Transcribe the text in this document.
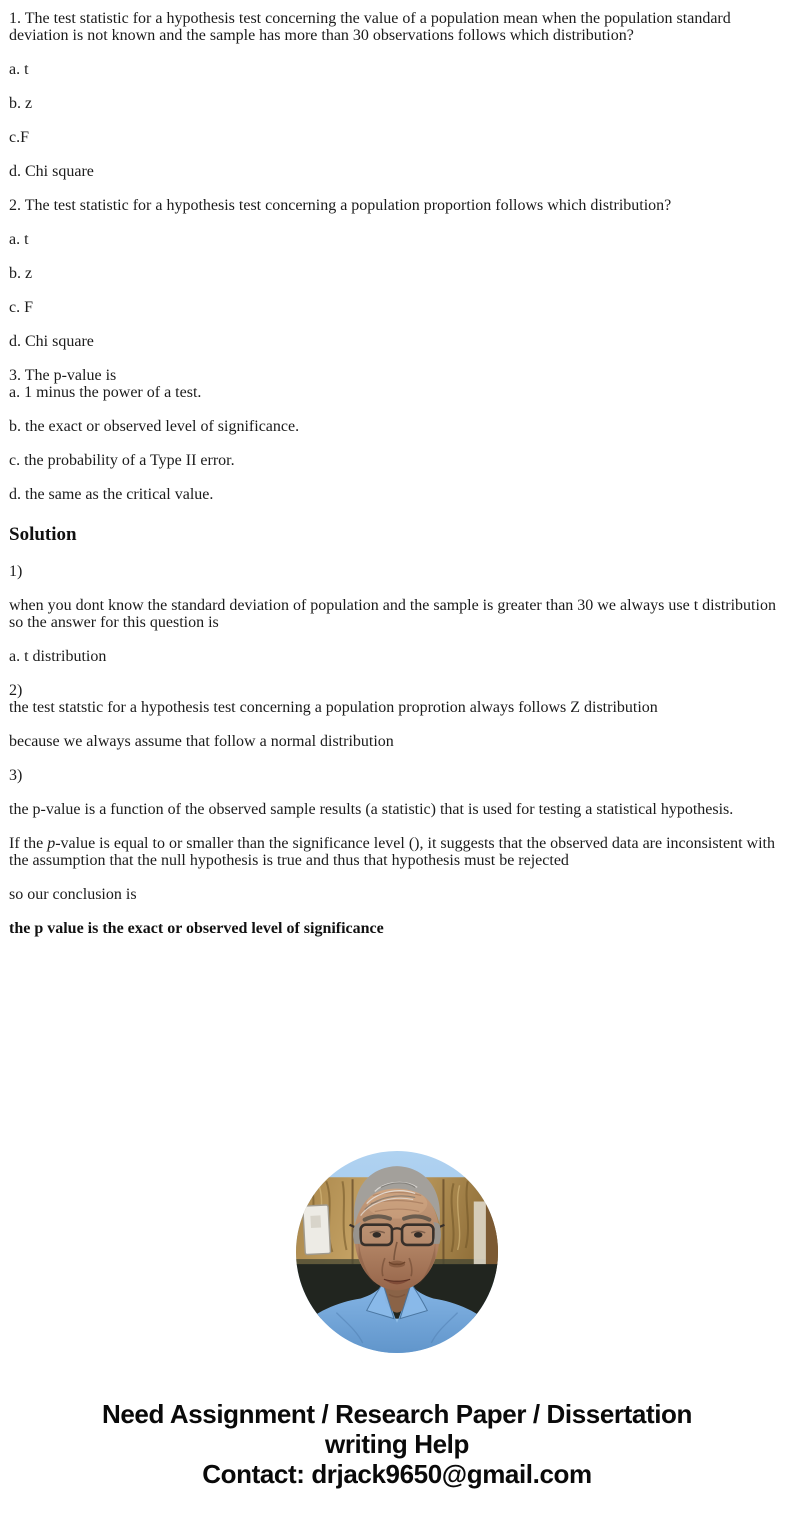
1. The test statistic for a hypothesis test concerning the value of a population mean when the population standard deviation is not known and the sample has more than 30 observations follows which distribution?

a. t

b. z

c.F

d. Chi square

2. The test statistic for a hypothesis test concerning a population proportion follows which distribution?

a. t

b. z

c. F

d. Chi square

3. The p-value is
a. 1 minus the power of a test.

b. the exact or observed level of significance.

c. the probability of a Type II error.

d. the same as the critical value.

Solution

1)

when you dont know the standard deviation of population and the sample is greater than 30 we always use t distribution so the answer for this question is

a. t distribution

2)
the test statstic for a hypothesis test concerning a population proprotion always follows Z distribution

because we always assume that follow a normal distribution

3)

the p-value is a function of the observed sample results (a statistic) that is used for testing a statistical hypothesis.

If the p-value is equal to or smaller than the significance level (), it suggests that the observed data are inconsistent with the assumption that the null hypothesis is true and thus that hypothesis must be rejected

so our conclusion is

the p value is the exact or observed level of significance

Need Assignment / Research Paper / Dissertation
writing Help
Contact: drjack9650@gmail.com
